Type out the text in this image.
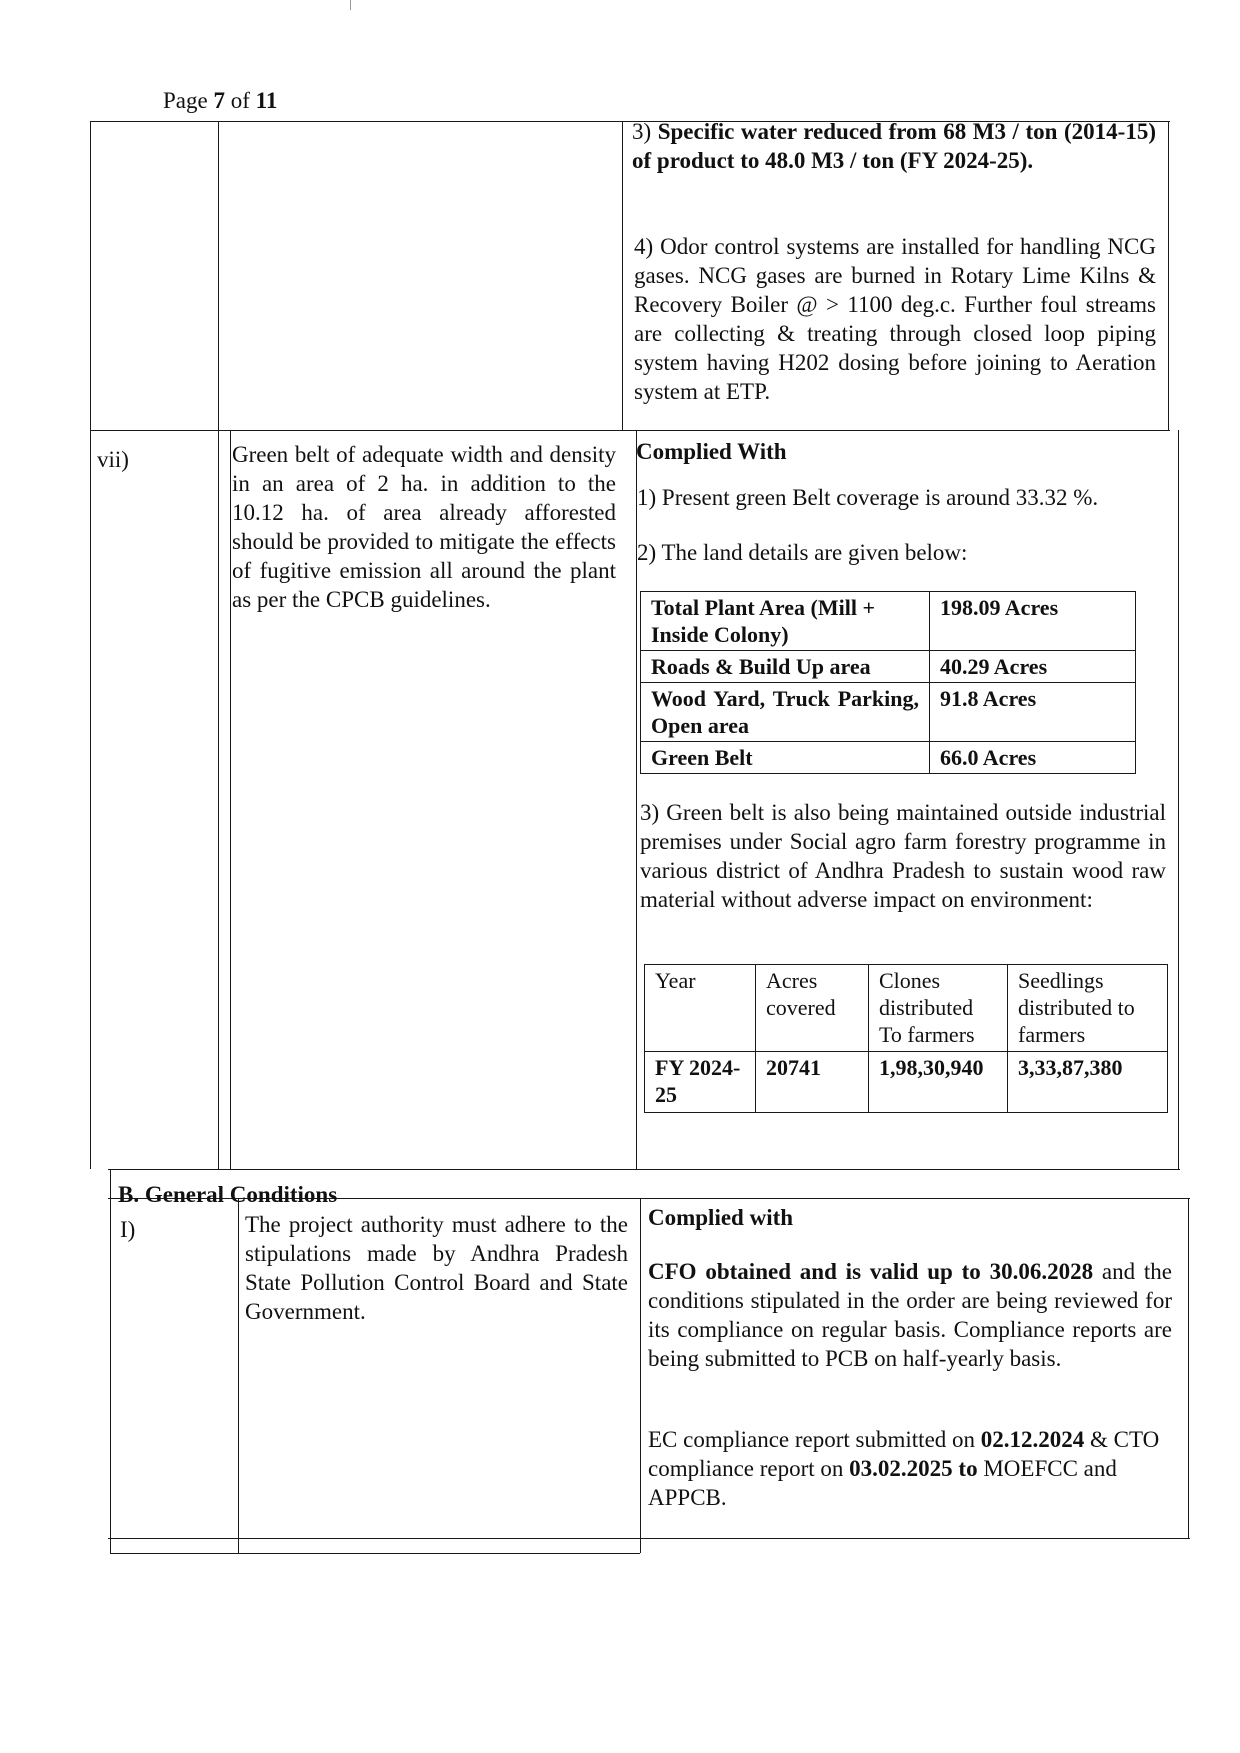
Page 7 of 11
3) Specific water reduced from 68 M3 / ton (2014-15) of product to 48.0 M3 / ton (FY 2024-25).
4) Odor control systems are installed for handling NCG gases. NCG gases are burned in Rotary Lime Kilns & Recovery Boiler @ > 1100 deg.c. Further foul streams are collecting & treating through closed loop piping system having H202 dosing before joining to Aeration system at ETP.
vii)	Green belt of adequate width and density in an area of 2 ha. in addition to the 10.12 ha. of area already afforested should be provided to mitigate the effects of fugitive emission all around the plant as per the CPCB guidelines.
Complied With
1) Present green Belt coverage is around 33.32 %.
2) The land details are given below:
Total Plant Area (Mill + Inside Colony)	198.09 Acres
Roads & Build Up area	40.29 Acres
Wood Yard, Truck Parking, Open area	91.8 Acres
Green Belt	66.0 Acres
3) Green belt is also being maintained outside industrial premises under Social agro farm forestry programme in various district of Andhra Pradesh to sustain wood raw material without adverse impact on environment:
Year	Acres covered	Clones distributed To farmers	Seedlings distributed to farmers
FY 2024-25	20741	1,98,30,940	3,33,87,380
B. General Conditions
I)	The project authority must adhere to the stipulations made by Andhra Pradesh State Pollution Control Board and State Government.
Complied with
CFO obtained and is valid up to 30.06.2028 and the conditions stipulated in the order are being reviewed for its compliance on regular basis. Compliance reports are being submitted to PCB on half-yearly basis.
EC compliance report submitted on 02.12.2024 & CTO compliance report on 03.02.2025 to MOEFCC and APPCB.
